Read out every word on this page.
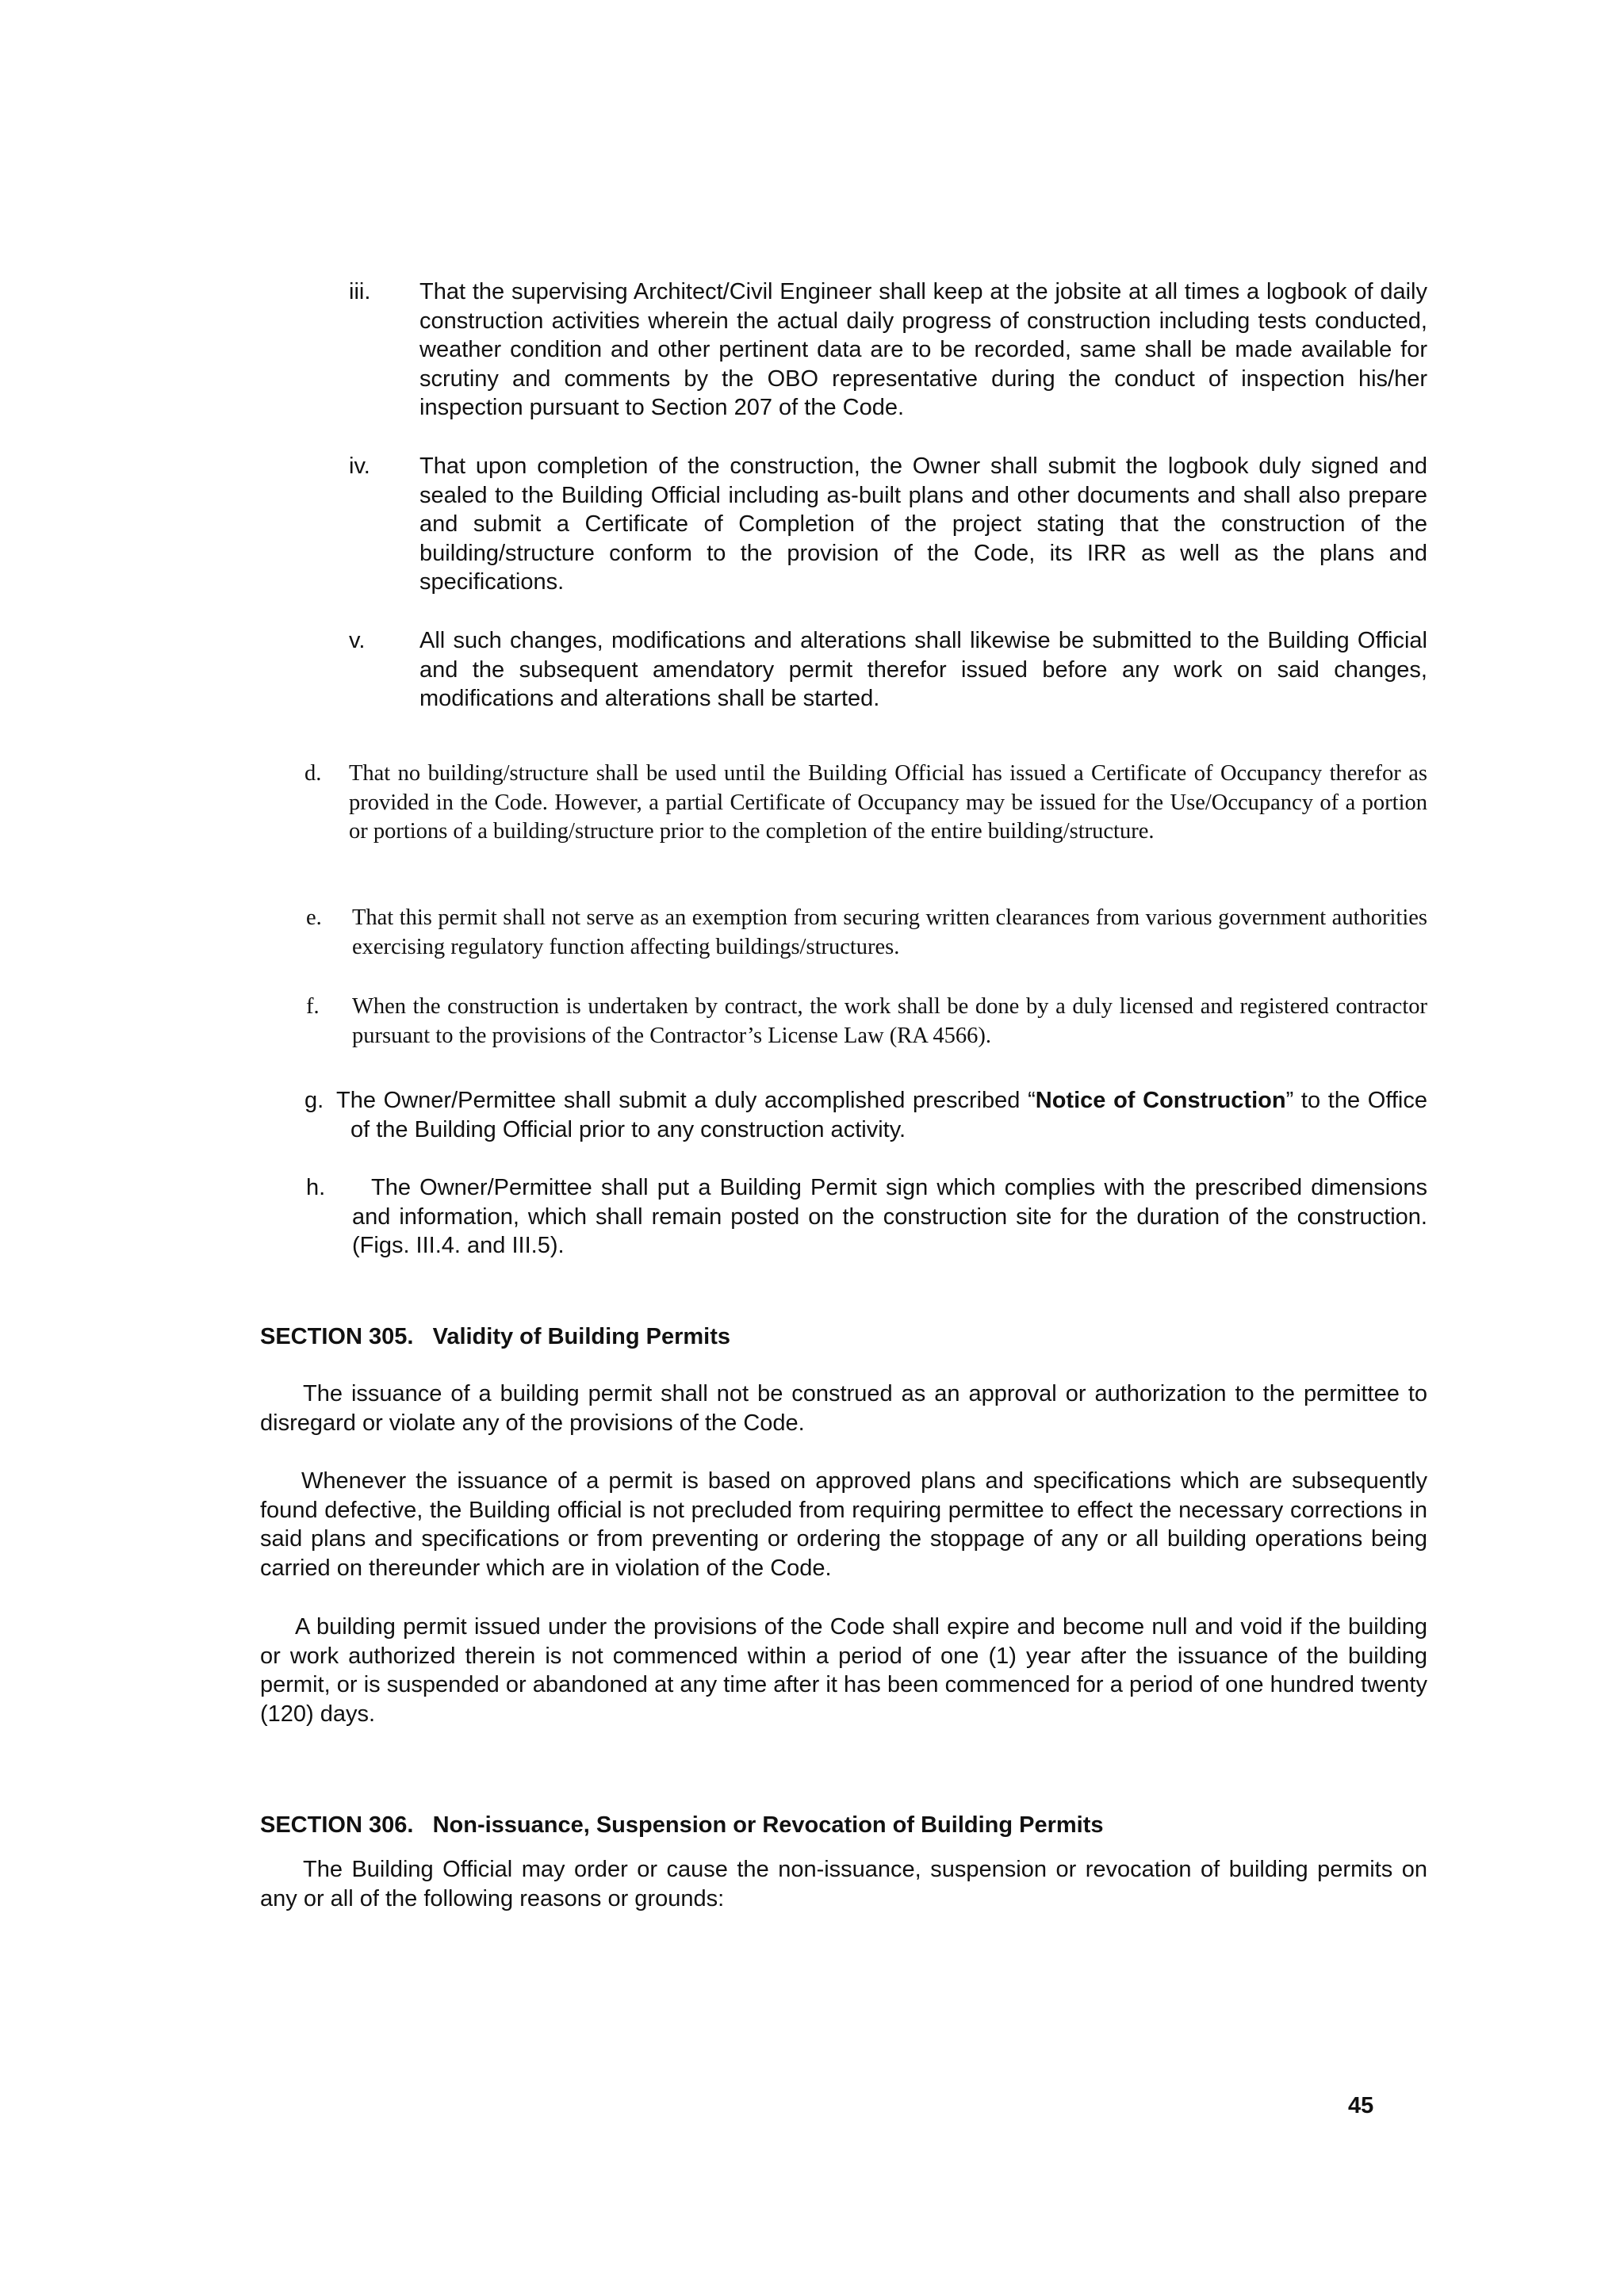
iii. That the supervising Architect/Civil Engineer shall keep at the jobsite at all times a logbook of daily construction activities wherein the actual daily progress of construction including tests conducted, weather condition and other pertinent data are to be recorded, same shall be made available for scrutiny and comments by the OBO representative during the conduct of inspection his/her inspection pursuant to Section 207 of the Code.
iv. That upon completion of the construction, the Owner shall submit the logbook duly signed and sealed to the Building Official including as-built plans and other documents and shall also prepare and submit a Certificate of Completion of the project stating that the construction of the building/structure conform to the provision of the Code, its IRR as well as the plans and specifications.
v. All such changes, modifications and alterations shall likewise be submitted to the Building Official and the subsequent amendatory permit therefor issued before any work on said changes, modifications and alterations shall be started.
d. That no building/structure shall be used until the Building Official has issued a Certificate of Occupancy therefor as provided in the Code. However, a partial Certificate of Occupancy may be issued for the Use/Occupancy of a portion or portions of a building/structure prior to the completion of the entire building/structure.
e. That this permit shall not serve as an exemption from securing written clearances from various government authorities exercising regulatory function affecting buildings/structures.
f. When the construction is undertaken by contract, the work shall be done by a duly licensed and registered contractor pursuant to the provisions of the Contractor’s License Law (RA 4566).
g. The Owner/Permittee shall submit a duly accomplished prescribed “Notice of Construction” to the Office of the Building Official prior to any construction activity.
h.	The Owner/Permittee shall put a Building Permit sign which complies with the prescribed dimensions and information, which shall remain posted on the construction site for the duration of the construction. (Figs. III.4. and III.5).
SECTION 305.   Validity of Building Permits
The issuance of a building permit shall not be construed as an approval or authorization to the permittee to disregard or violate any of the provisions of the Code.
Whenever the issuance of a permit is based on approved plans and specifications which are subsequently found defective, the Building official is not precluded from requiring permittee to effect the necessary corrections in said plans and specifications or from preventing or ordering the stoppage of any or all building operations being carried on thereunder which are in violation of the Code.
A building permit issued under the provisions of the Code shall expire and become null and void if the building or work authorized therein is not commenced within a period of one (1) year after the issuance of the building permit, or is suspended or abandoned at any time after it has been commenced for a period of one hundred twenty (120) days.
SECTION 306.   Non-issuance, Suspension or Revocation of Building Permits
The Building Official may order or cause the non-issuance, suspension or revocation of building permits on any or all of the following reasons or grounds:
45
